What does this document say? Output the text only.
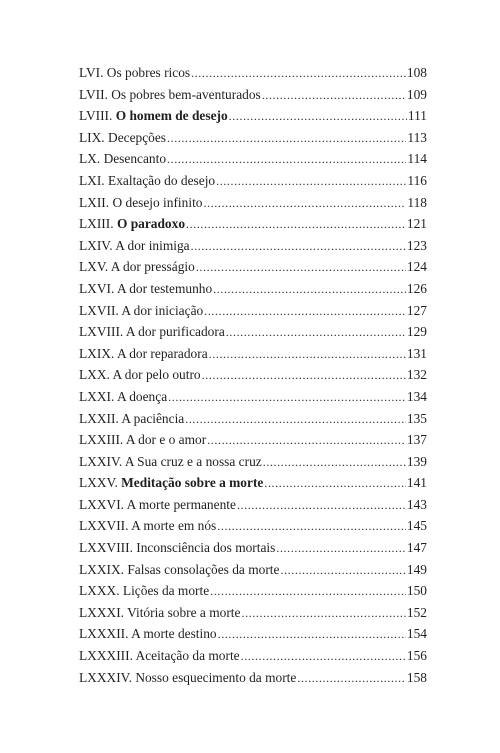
LVI. Os pobres ricos .....	108
LVII. Os pobres bem-aventurados .....	109
LVIII. O homem de desejo .....	111
LIX. Decepções .....	113
LX. Desencanto .....	114
LXI. Exaltação do desejo .....	116
LXII. O desejo infinito .....	118
LXIII. O paradoxo .....	121
LXIV. A dor inimiga .....	123
LXV. A dor presságio .....	124
LXVI. A dor testemunho .....	126
LXVII. A dor iniciação .....	127
LXVIII. A dor purificadora .....	129
LXIX. A dor reparadora .....	131
LXX. A dor pelo outro .....	132
LXXI. A doença .....	134
LXXII. A paciência .....	135
LXXIII. A dor e o amor .....	137
LXXIV. A Sua cruz e a nossa cruz .....	139
LXXV. Meditação sobre a morte .....	141
LXXVI. A morte permanente .....	143
LXXVII. A morte em nós .....	145
LXXVIII. Inconsciência dos mortais .....	147
LXXIX. Falsas consolações da morte .....	149
LXXX. Lições da morte .....	150
LXXXI. Vitória sobre a morte .....	152
LXXXII. A morte destino .....	154
LXXXIII. Aceitação da morte .....	156
LXXXIV. Nosso esquecimento da morte .....	158
